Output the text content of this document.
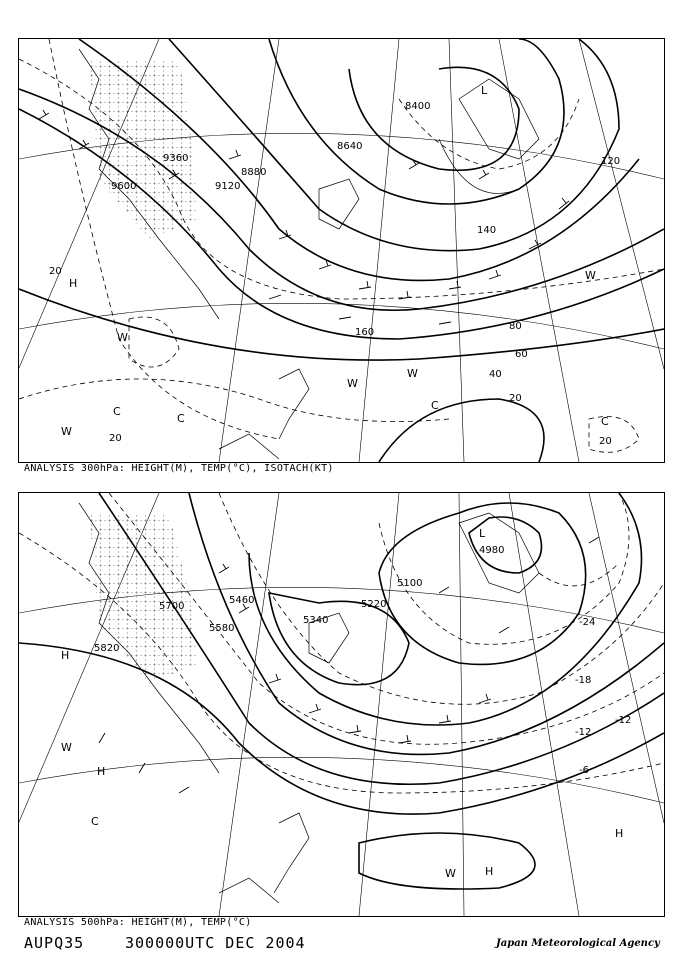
9600
9360
9120
8880
8640
8400
160
140
120
80
60
40
20
20
20
20
H
L
W
W
W
W
W
C
C
C
C
ANALYSIS 300hPa: HEIGHT(M), TEMP(°C), ISOTACH(KT)
5820
5700
5580
5460
5340
5220
5100
4980
-24
-18
-12
-12
-6
H
H
H
H
L
W
W
C
ANALYSIS 500hPa: HEIGHT(M), TEMP(°C)
AUPQ35	300000UTC DEC 2004	Japan Meteorological Agency
